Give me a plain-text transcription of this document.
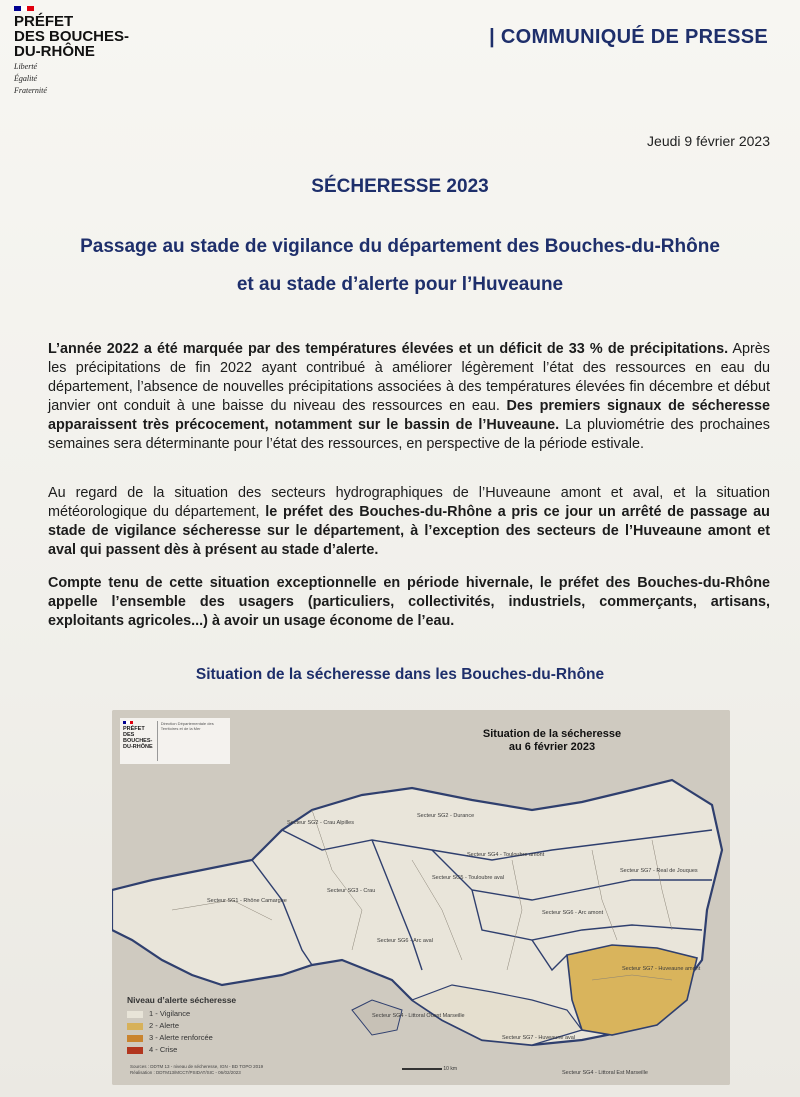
PRÉFET
DES BOUCHES-
DU-RHÔNE
Liberté
Égalité
Fraternité
| COMMUNIQUÉ DE PRESSE
Jeudi 9 février 2023
SÉCHERESSE 2023
Passage au stade de vigilance du département des Bouches-du-Rhône et au stade d’alerte pour l’Huveaune
L’année 2022 a été marquée par des températures élevées et un déficit de 33 % de précipitations. Après les précipitations de fin 2022 ayant contribué à améliorer légèrement l’état des ressources en eau du département, l’absence de nouvelles précipitations associées à des températures élevées fin décembre et début janvier ont conduit à une baisse du niveau des ressources en eau. Des premiers signaux de sécheresse apparaissent très précocement, notamment sur le bassin de l’Huveaune. La pluviométrie des prochaines semaines sera déterminante pour l’état des ressources, en perspective de la période estivale.
Au regard de la situation des secteurs hydrographiques de l’Huveaune amont et aval, et la situation météorologique du département, le préfet des Bouches-du-Rhône a pris ce jour un arrêté de passage au stade de vigilance sécheresse sur le département, à l’exception des secteurs de l’Huveaune amont et aval qui passent dès à présent au stade d’alerte.
Compte tenu de cette situation exceptionnelle en période hivernale, le préfet des Bouches-du-Rhône appelle l’ensemble des usagers (particuliers, collectivités, industriels, commerçants, artisans, exploitants agricoles...) à avoir un usage économe de l’eau.
Situation de la sécheresse dans les Bouches-du-Rhône
PRÉFET
DES BOUCHES-
DU-RHÔNE
Direction Départementale des Territoires et de la Mer	Situation de la sécheresse
au 6 février 2023
Secteur SG1 - Rhône Camargue
Secteur SG2 - Crau Alpilles
Secteur SG2 - Durance
Secteur SG3 - Crau
Secteur SG4 - Touloubre amont
Secteur SG5 - Touloubre aval
Secteur SG6 - Arc amont
Secteur SG6 - Arc aval
Secteur SG7 - Real de Jouques
Secteur SG7 - Huveaune amont
Secteur SG7 - Huveaune aval
Secteur SG4 - Littoral Ouest Marseille
Secteur SG4 - Littoral Est Marseille
Niveau d’alerte sécheresse
1 - Vigilance
2 - Alerte
3 - Alerte renforcée
4 - Crise
Sources : DDTM 13 - niveau de sécheresse, IGN - BD TOPO 2019
Réalisation : DDTM13/MCCT/PSIDAT/SIC - 06/02/2023
10 km
